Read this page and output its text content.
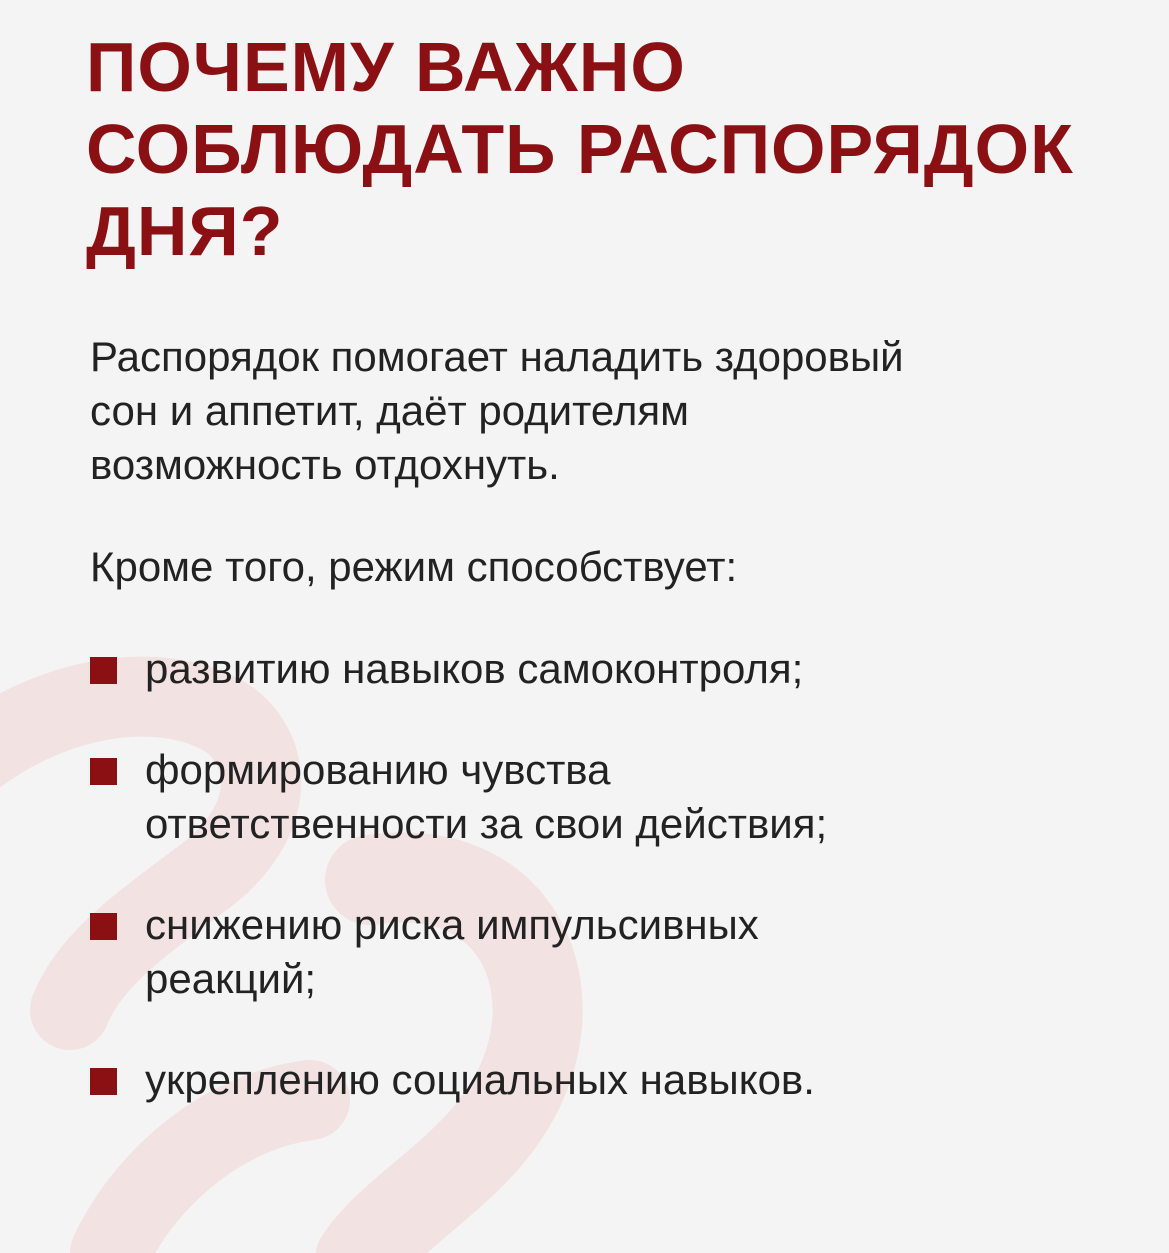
ПОЧЕМУ ВАЖНО
СОБЛЮДАТЬ РАСПОРЯДОК
ДНЯ?

Распорядок помогает наладить здоровый
сон и аппетит, даёт родителям
возможность отдохнуть.

Кроме того, режим способствует:

развитию навыков самоконтроля;

формированию чувства
ответственности за свои действия;

снижению риска импульсивных
реакций;

укреплению социальных навыков.
